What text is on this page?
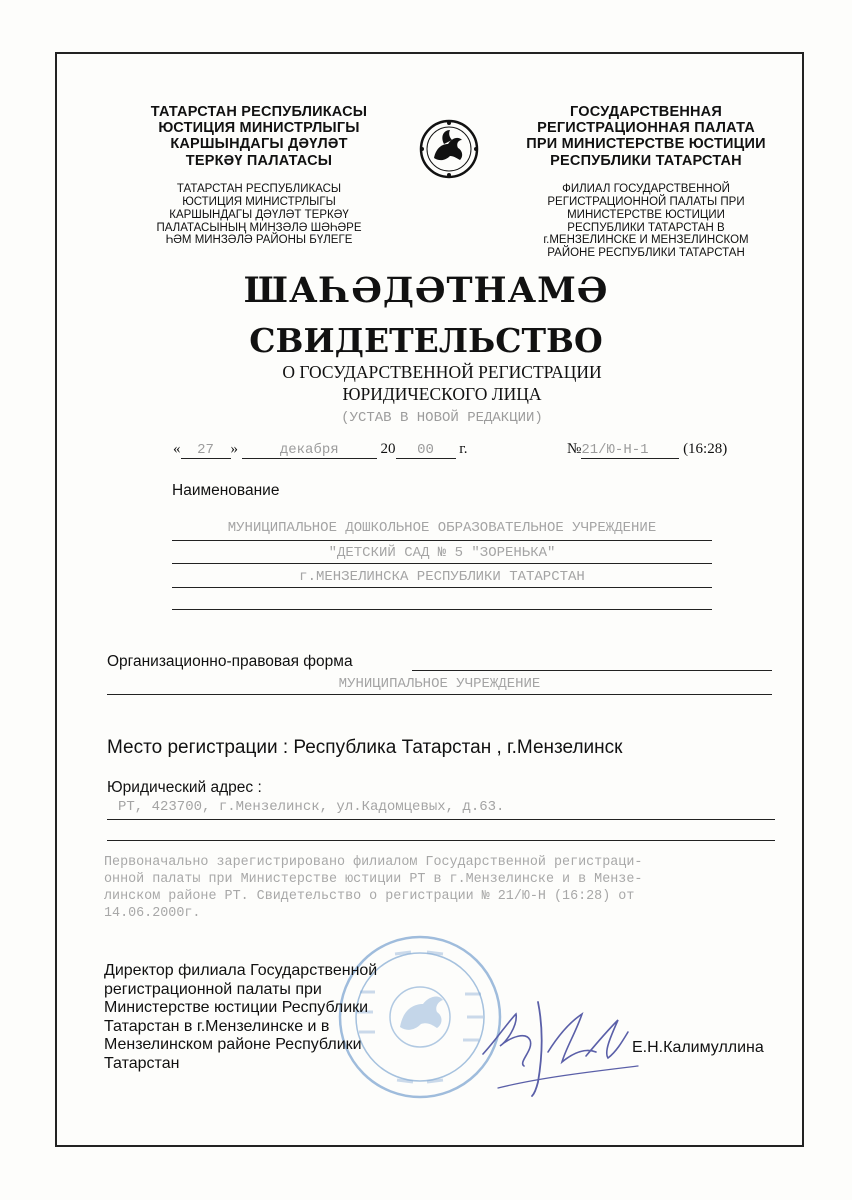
ТАТАРСТАН РЕСПУБЛИКАСЫ
ЮСТИЦИЯ МИНИСТРЛЫГЫ
КАРШЫНДАГЫ ДӘҮЛӘТ
ТЕРКӘҮ ПАЛАТАСЫ
ТАТАРСТАН РЕСПУБЛИКАСЫ
ЮСТИЦИЯ МИНИСТРЛЫГЫ
КАРШЫНДАГЫ ДӘҮЛӘТ ТЕРКӘҮ
ПАЛАТАСЫНЫҢ МИНЗӘЛӘ ШӘҺӘРЕ
ҺӘМ МИНЗӘЛӘ РАЙОНЫ БҮЛЕГЕ
ГОСУДАРСТВЕННАЯ
РЕГИСТРАЦИОННАЯ ПАЛАТА
ПРИ МИНИСТЕРСТВЕ ЮСТИЦИИ
РЕСПУБЛИКИ ТАТАРСТАН
ФИЛИАЛ ГОСУДАРСТВЕННОЙ
РЕГИСТРАЦИОННОЙ ПАЛАТЫ ПРИ
МИНИСТЕРСТВЕ ЮСТИЦИИ
РЕСПУБЛИКИ ТАТАРСТАН В
г.МЕНЗЕЛИНСКЕ И МЕНЗЕЛИНСКОМ
РАЙОНЕ РЕСПУБЛИКИ ТАТАРСТАН
ШАҺӘДӘТНАМӘ
СВИДЕТЕЛЬСТВО
О ГОСУДАРСТВЕННОЙ РЕГИСТРАЦИИ
ЮРИДИЧЕСКОГО ЛИЦА
(УСТАВ В НОВОЙ РЕДАКЦИИ)
« 27 »	декабря	20 00 г.	№21/Ю-Н-1 (16:28)
Наименование
МУНИЦИПАЛЬНОЕ ДОШКОЛЬНОЕ ОБРАЗОВАТЕЛЬНОЕ УЧРЕЖДЕНИЕ
"ДЕТСКИЙ САД № 5 "ЗОРЕНЬКА"
г.МЕНЗЕЛИНСКА РЕСПУБЛИКИ ТАТАРСТАН
Организационно-правовая форма
МУНИЦИПАЛЬНОЕ УЧРЕЖДЕНИЕ
Место регистрации : Республика Татарстан , г.Мензелинск
Юридический адрес :
РТ, 423700, г.Мензелинск, ул.Кадомцевых, д.63.
Первоначально зарегистрировано филиалом Государственной регистраци-
онной палаты при Министерстве юстиции РТ в г.Мензелинске и в Мензе-
линском районе РТ. Свидетельство о регистрации № 21/Ю-Н (16:28) от
14.06.2000г.
Директор филиала Государственной
регистрационной палаты при
Министерстве юстиции Республики
Татарстан в г.Мензелинске и в
Мензелинском районе Республики
Татарстан
Е.Н.Калимуллина
